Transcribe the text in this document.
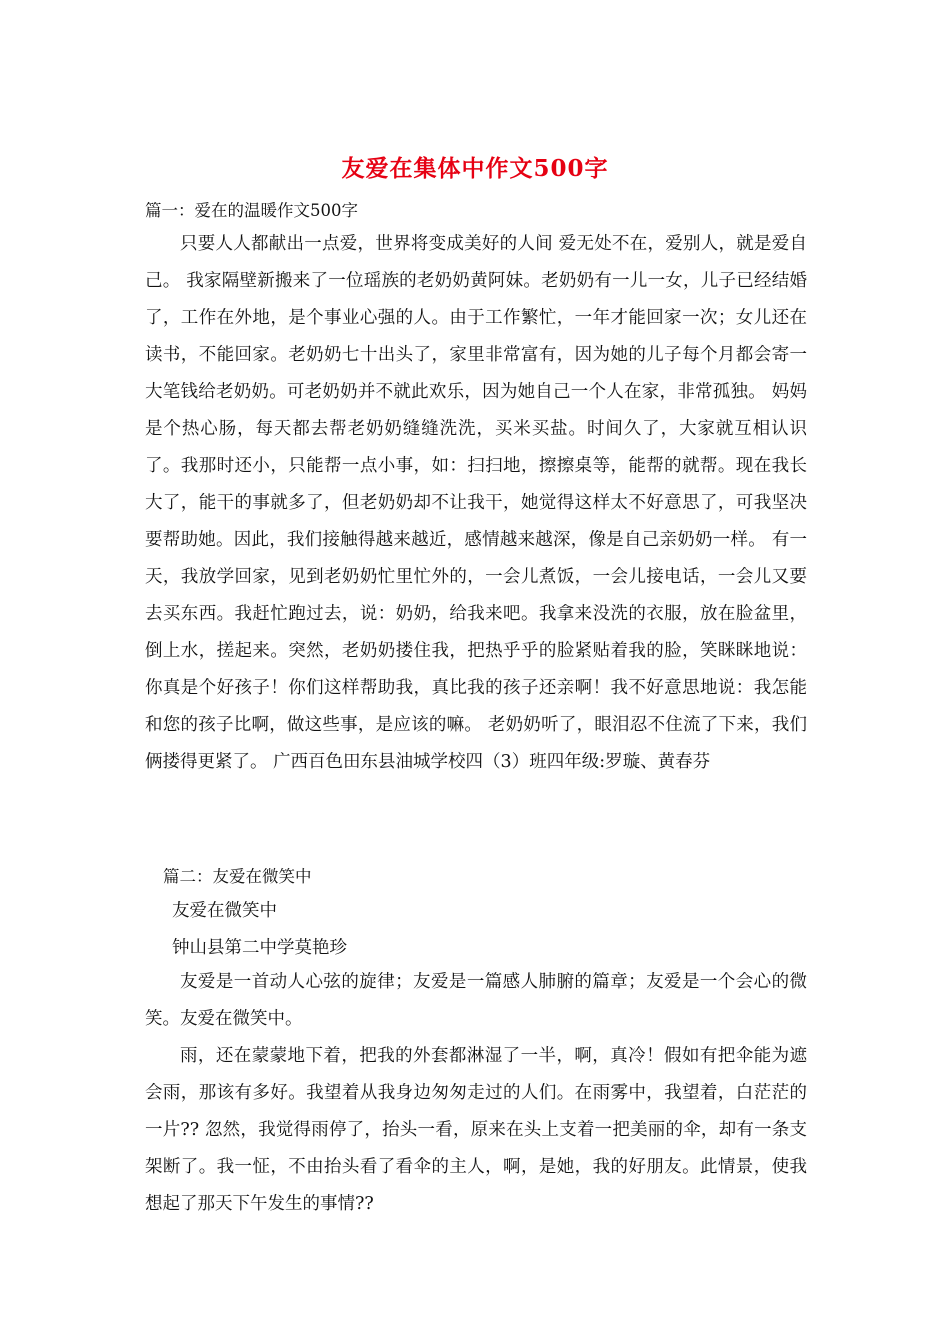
友爱在集体中作文500字
篇一：爱在的温暖作文500字
只要人人都献出一点爱，世界将变成美好的人间 爱无处不在，爱别人，就是爱自己。 我家隔壁新搬来了一位瑶族的老奶奶黄阿妹。老奶奶有一儿一女，儿子已经结婚了，工作在外地，是个事业心强的人。由于工作繁忙，一年才能回家一次；女儿还在读书，不能回家。老奶奶七十出头了，家里非常富有，因为她的儿子每个月都会寄一大笔钱给老奶奶。可老奶奶并不就此欢乐，因为她自己一个人在家，非常孤独。 妈妈是个热心肠，每天都去帮老奶奶缝缝洗洗，买米买盐。时间久了，大家就互相认识了。我那时还小，只能帮一点小事，如：扫扫地，擦擦桌等，能帮的就帮。现在我长大了，能干的事就多了，但老奶奶却不让我干，她觉得这样太不好意思了，可我坚决要帮助她。因此，我们接触得越来越近，感情越来越深，像是自己亲奶奶一样。 有一天，我放学回家，见到老奶奶忙里忙外的，一会儿煮饭，一会儿接电话，一会儿又要去买东西。我赶忙跑过去，说：奶奶，给我来吧。我拿来没洗的衣服，放在脸盆里，倒上水，搓起来。突然，老奶奶搂住我，把热乎乎的脸紧贴着我的脸，笑眯眯地说：你真是个好孩子！你们这样帮助我，真比我的孩子还亲啊！我不好意思地说：我怎能和您的孩子比啊，做这些事，是应该的嘛。 老奶奶听了，眼泪忍不住流了下来，我们俩搂得更紧了。 广西百色田东县油城学校四（3）班四年级:罗璇、黄春芬
篇二：友爱在微笑中
友爱在微笑中
钟山县第二中学莫艳珍
友爱是一首动人心弦的旋律；友爱是一篇感人肺腑的篇章；友爱是一个会心的微笑。友爱在微笑中。
雨，还在蒙蒙地下着，把我的外套都淋湿了一半，啊，真冷！假如有把伞能为遮会雨，那该有多好。我望着从我身边匆匆走过的人们。在雨雾中，我望着，白茫茫的一片?? 忽然，我觉得雨停了，抬头一看，原来在头上支着一把美丽的伞，却有一条支架断了。我一怔，不由抬头看了看伞的主人，啊，是她，我的好朋友。此情景，使我想起了那天下午发生的事情??
